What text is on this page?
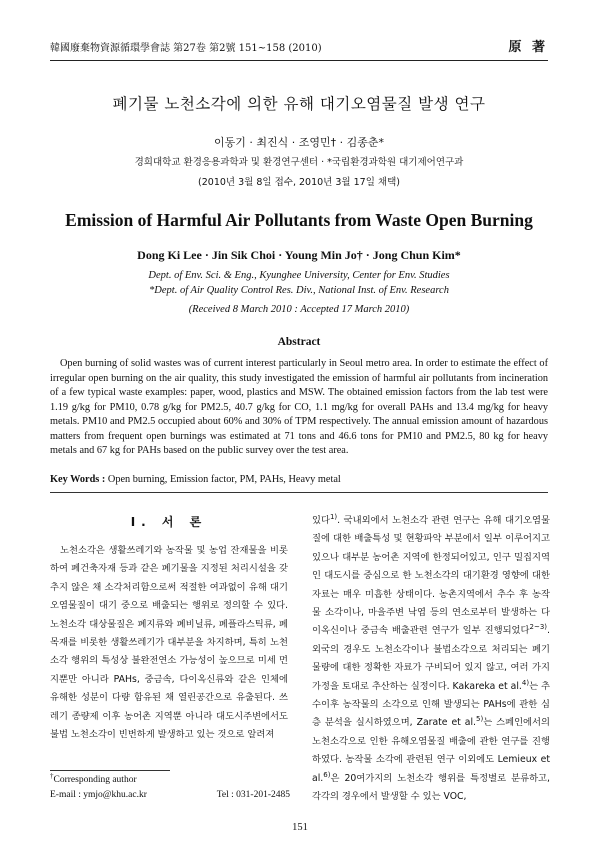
韓國廢棄物資源循環學會誌 第27卷 第2號 151~158 (2010)	原 著
폐기물 노천소각에 의한 유해 대기오염물질 발생 연구
이동기 · 최진식 · 조영민† · 김종춘*
경희대학교 환경응용과학과 및 환경연구센터 · *국립환경과학원 대기제어연구과
(2010년 3월 8일 접수, 2010년 3월 17일 채택)
Emission of Harmful Air Pollutants from Waste Open Burning
Dong Ki Lee · Jin Sik Choi · Young Min Jo† · Jong Chun Kim*
Dept. of Env. Sci. & Eng., Kyunghee University, Center for Env. Studies
*Dept. of Air Quality Control Res. Div., National Inst. of Env. Research
(Received 8 March 2010 : Accepted 17 March 2010)
Abstract

Open burning of solid wastes was of current interest particularly in Seoul metro area. In order to estimate the effect of irregular open burning on the air quality, this study investigated the emission of harmful air pollutants from incineration of a few typical waste examples: paper, wood, plastics and MSW. The obtained emission factors from the lab test were 1.19 g/kg for PM10, 0.78 g/kg for PM2.5, 40.7 g/kg for CO, 1.1 mg/kg for overall PAHs and 13.4 mg/kg for heavy metals. PM10 and PM2.5 occupied about 60% and 30% of TPM respectively. The annual emission amount of hazardous matters from frequent open burnings was estimated at 71 tons and 46.6 tons for PM10 and PM2.5, 80 kg for heavy metals and 67 kg for PAHs based on the public survey over the test area.

Key Words : Open burning, Emission factor, PM, PAHs, Heavy metal
I. 서 론

노천소각은 생활쓰레기와 농작물 및 농업 잔재물을 비롯하여 폐건축자재 등과 같은 폐기물을 지정된 처리시설을 갖추지 않은 채 소각처리함으로써 적절한 여과없이 유해 대기오염물질이 대기 중으로 배출되는 행위로 정의할 수 있다. 노천소각 대상물질은 폐지류와 폐비닐류, 폐플라스틱류, 폐목재를 비롯한 생활쓰레기가 대부분을 차지하며, 특히 노천소각 행위의 특성상 불완전연소 가능성이 높으므로 미세 먼지뿐만 아니라 PAHs, 중금속, 다이옥신류와 같은 인체에 유해한 성분이 다량 함유된 채 열린공간으로 유출된다. 쓰레기 종량제 이후 농어촌 지역뿐 아니라 대도시주변에서도 불법 노천소각이 빈번하게 발생하고 있는 것으로 알려져

있다$^{1)}$. 국내외에서 노천소각 관련 연구는 유해 대기오염물질에 대한 배출특성 및 현황파악 부분에서 일부 이루어지고 있으나 대부분 농어촌 지역에 한정되어있고, 인구 밀집지역인 대도시를 중심으로 한 노천소각의 대기환경 영향에 대한 자료는 매우 미흡한 상태이다. 농촌지역에서 추수 후 농작물 소각이나, 마을주변 낙엽 등의 연소로부터 발생하는 다이옥신이나 중금속 배출관련 연구가 일부 진행되었다$^{2\sim 3)}$. 외국의 경우도 노천소각이나 불법소각으로 처리되는 폐기물량에 대한 정확한 자료가 구비되어 있지 않고, 여러 가지 가정을 토대로 추산하는 실정이다. Kakareka et al.$^{4)}$는 추수이후 농작물의 소각으로 인해 발생되는 PAHs에 관한 심층 분석을 실시하였으며, Zarate et al.$^{5)}$는 스페인에서의 노천소각으로 인한 유해오염물질 배출에 관한 연구를 진행하였다. 농작물 소각에 관련된 연구 이외에도 Lemieux et al.$^{6)}$은 20여가지의 노천소각 행위를 특정별로 분류하고, 각각의 경우에서 발생할 수 있는 VOC,

†Corresponding author
E-mail : ymjo@khu.ac.kr	Tel : 031-201-2485
151
